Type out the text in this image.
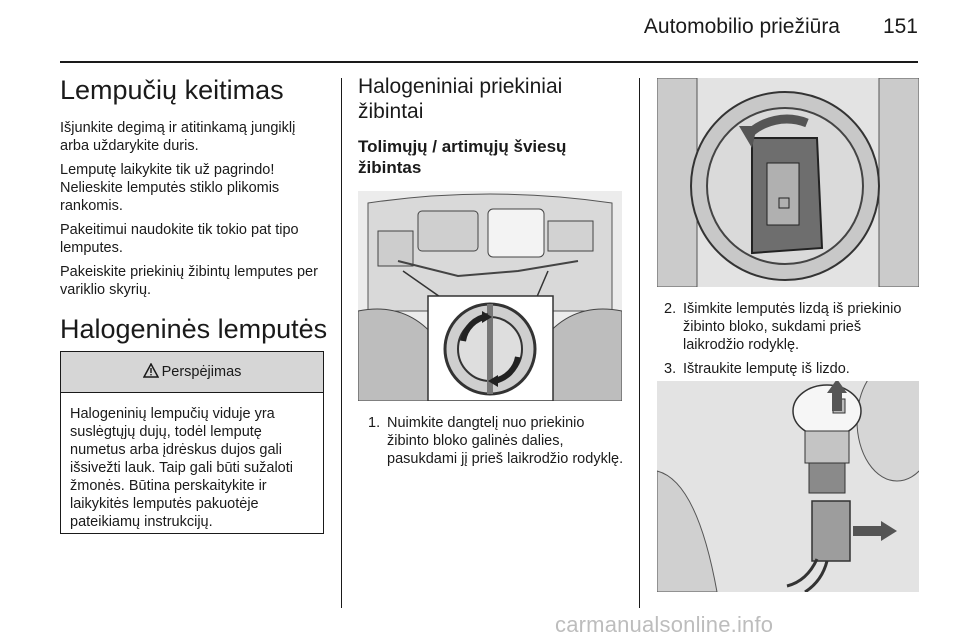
Automobilio priežiūra 151
Lempučių keitimas

Išjunkite degimą ir atitinkamą jungiklį arba uždarykite duris.

Lemputę laikykite tik už pagrindo! Nelieskite lemputės stiklo plikomis rankomis.

Pakeitimui naudokite tik tokio pat tipo lemputes.

Pakeiskite priekinių žibintų lemputes per variklio skyrių.

Halogeninės lemputės
Perspėjimas
Halogeninių lempučių viduje yra suslėgtųjų dujų, todėl lemputę numetus arba įdrėskus dujos gali išsivežti lauk. Taip gali būti sužaloti žmonės. Būtina perskaitykite ir laikykitės lemputės pakuotėje pateikiamų instrukcijų.
Halogeniniai priekiniai žibintai
Tolimųjų / artimųjų šviesų žibintas
1. Nuimkite dangtelį nuo priekinio žibinto bloko galinės dalies, pasukdami jį prieš laikrodžio rodyklę.
2. Išimkite lemputės lizdą iš priekinio žibinto bloko, sukdami prieš laikrodžio rodyklę.
3. Ištraukite lemputę iš lizdo.
carmanualsonline.info
